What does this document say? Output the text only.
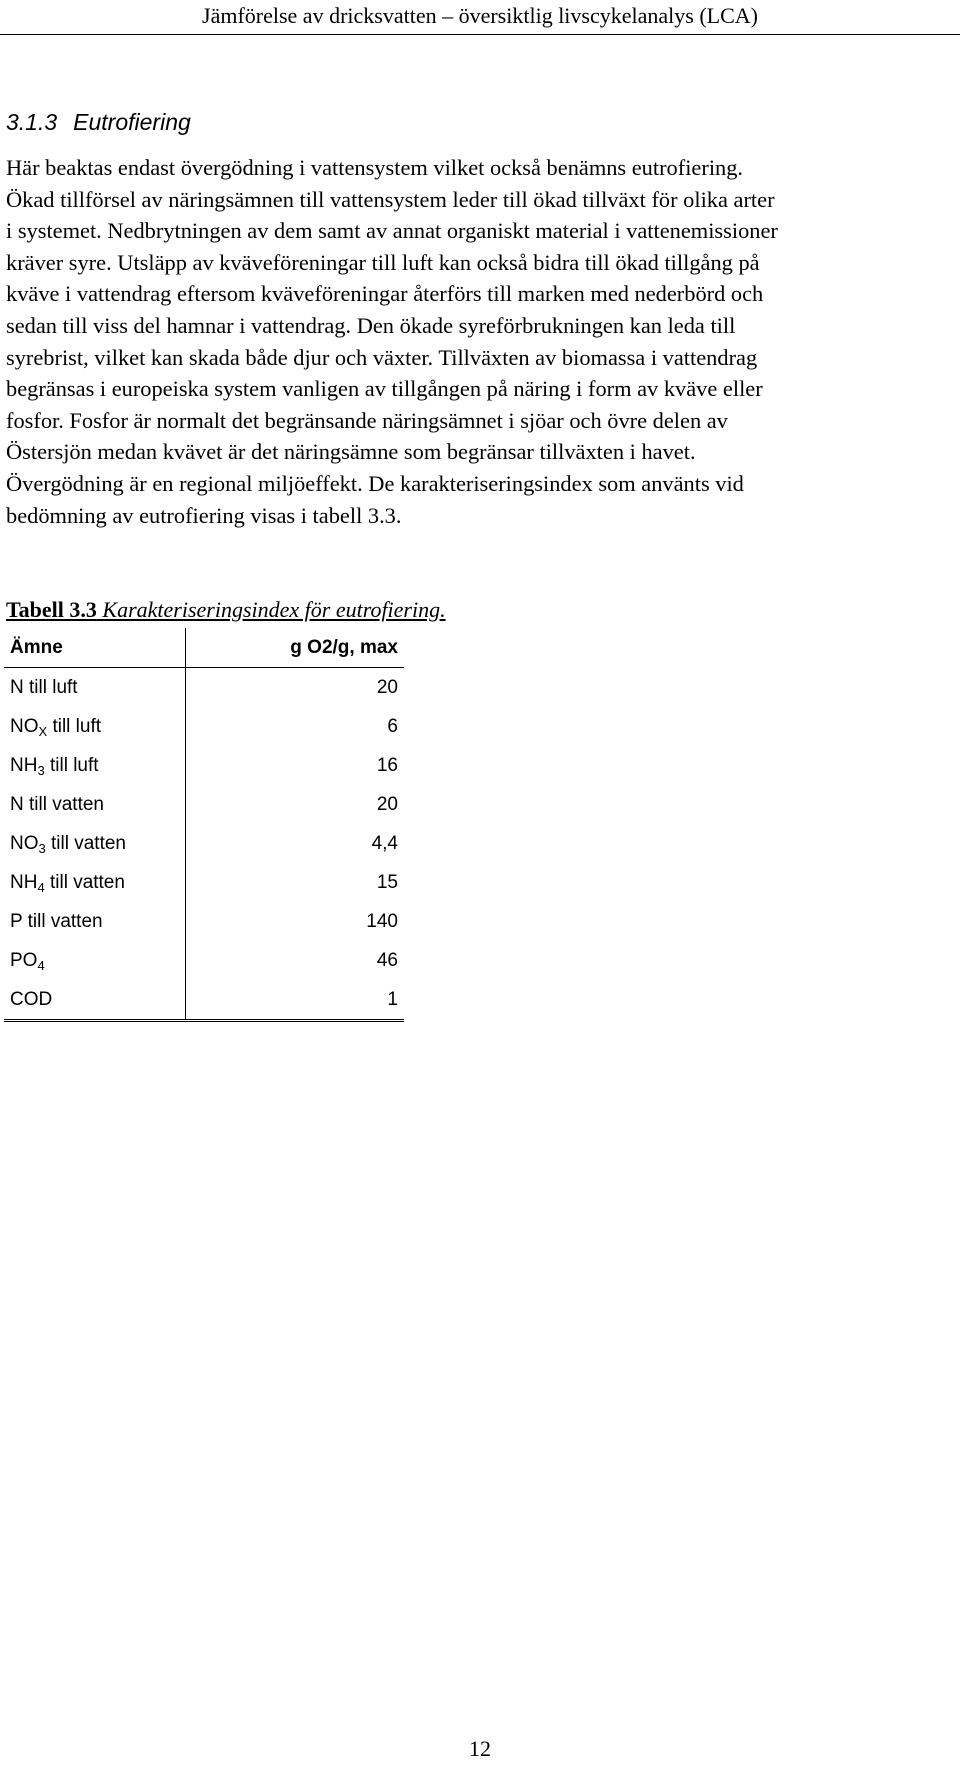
Jämförelse av dricksvatten – översiktlig livscykelanalys (LCA)
3.1.3 Eutrofiering
Här beaktas endast övergödning i vattensystem vilket också benämns eutrofiering.
Ökad tillförsel av näringsämnen till vattensystem leder till ökad tillväxt för olika arter
i systemet. Nedbrytningen av dem samt av annat organiskt material i vattenemissioner
kräver syre. Utsläpp av kväveföreningar till luft kan också bidra till ökad tillgång på
kväve i vattendrag eftersom kväveföreningar återförs till marken med nederbörd och
sedan till viss del hamnar i vattendrag. Den ökade syreförbrukningen kan leda till
syrebrist, vilket kan skada både djur och växter. Tillväxten av biomassa i vattendrag
begränsas i europeiska system vanligen av tillgången på näring i form av kväve eller
fosfor. Fosfor är normalt det begränsande näringsämnet i sjöar och övre delen av
Östersjön medan kvävet är det näringsämne som begränsar tillväxten i havet.
Övergödning är en regional miljöeffekt. De karakteriseringsindex som använts vid
bedömning av eutrofiering visas i tabell 3.3.
Tabell 3.3 Karakteriseringsindex för eutrofiering.
Ämne	g O2/g, max
N till luft	20
$NO_X$ till luft	6
$NH_3$ till luft	16
N till vatten	20
$NO_3$ till vatten	4,4
$NH_4$ till vatten	15
P till vatten	140
$PO_4$	46
COD	1
12
